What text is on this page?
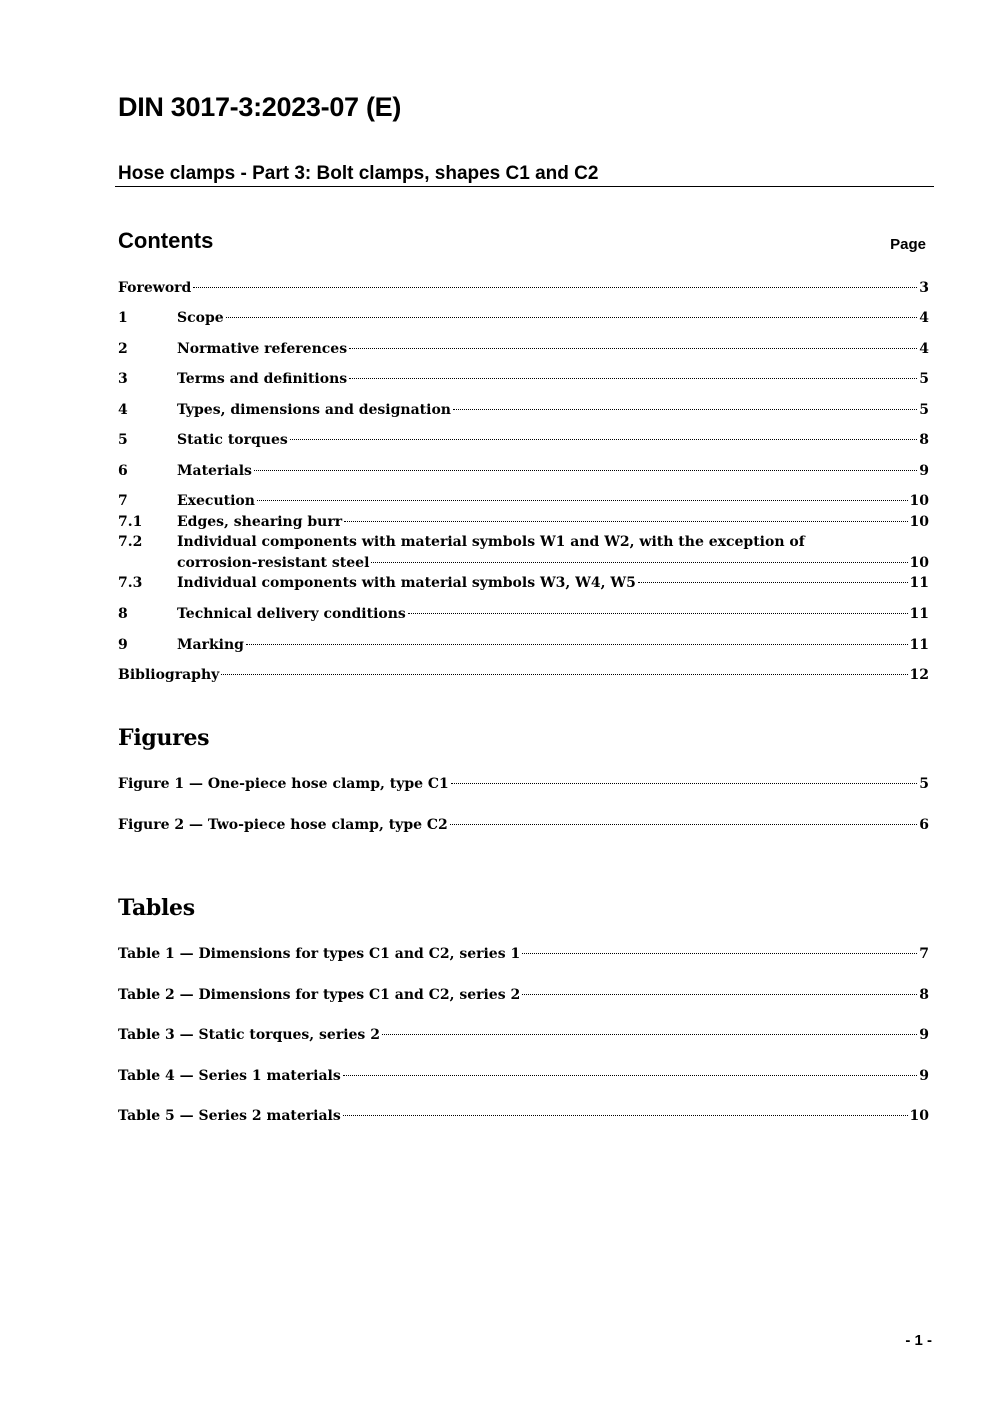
DIN 3017-3:2023-07 (E)
Hose clamps - Part 3: Bolt clamps, shapes C1 and C2
Contents	Page
Foreword	3
1	Scope	4
2	Normative references	4
3	Terms and definitions	5
4	Types, dimensions and designation	5
5	Static torques	8
6	Materials	9
7	Execution	10
7.1	Edges, shearing burr	10
7.2	Individual components with material symbols W1 and W2, with the exception of
corrosion-resistant steel	10
7.3	Individual components with material symbols W3, W4, W5	11
8	Technical delivery conditions	11
9	Marking	11
Bibliography	12
Figures
Figure 1 — One-piece hose clamp, type C1	5
Figure 2 — Two-piece hose clamp, type C2	6
Tables
Table 1 — Dimensions for types C1 and C2, series 1	7
Table 2 — Dimensions for types C1 and C2, series 2	8
Table 3 — Static torques, series 2	9
Table 4 — Series 1 materials	9
Table 5 — Series 2 materials	10
- 1 -
